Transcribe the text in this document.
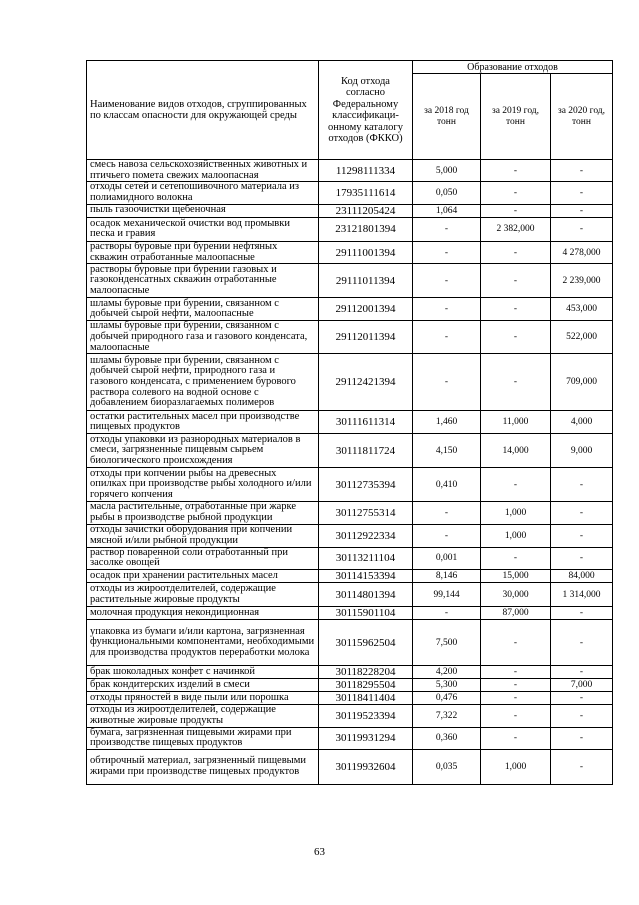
Наименование видов отходов, сгруппированных по классам опасности для окружающей среды	Код отхода согласно Федеральному классификаци-онному каталогу отходов (ФККО)	Образование отходов		
		за 2018 год тонн	за 2019 год, тонн	за 2020 год, тонн
смесь навоза сельскохозяйственных животных и птичьего помета свежих малоопасная	11298111334	5,000	-	-
отходы сетей и сетепошивочного материала из полиамидного волокна	17935111614	0,050	-	-
пыль газоочистки щебеночная	23111205424	1,064	-	-
осадок механической очистки вод промывки песка и гравия	23121801394	-	2 382,000	-
растворы буровые при бурении нефтяных скважин отработанные малоопасные	29111001394	-	-	4 278,000
растворы буровые при бурении газовых и газоконденсатных скважин отработанные малоопасные	29111011394	-	-	2 239,000
шламы буровые при бурении, связанном с добычей сырой нефти, малоопасные	29112001394	-	-	453,000
шламы буровые при бурении, связанном с добычей природного газа и газового конденсата, малоопасные	29112011394	-	-	522,000
шламы буровые при бурении, связанном с добычей сырой нефти, природного газа и газового конденсата, с применением бурового раствора солевого на водной основе с добавлением биоразлагаемых полимеров	29112421394	-	-	709,000
остатки растительных масел при производстве пищевых продуктов	30111611314	1,460	11,000	4,000
отходы упаковки из разнородных материалов в смеси, загрязненные пищевым сырьем биологического происхождения	30111811724	4,150	14,000	9,000
отходы при копчении рыбы на древесных опилках при производстве рыбы холодного и/или горячего копчения	30112735394	0,410	-	-
масла растительные, отработанные при жарке рыбы в производстве рыбной продукции	30112755314	-	1,000	-
отходы зачистки оборудования при копчении мясной и/или рыбной продукции	30112922334	-	1,000	-
раствор поваренной соли отработанный при засолке овощей	30113211104	0,001	-	-
осадок при хранении растительных масел	30114153394	8,146	15,000	84,000
отходы из жироотделителей, содержащие растительные жировые продукты	30114801394	99,144	30,000	1 314,000
молочная продукция некондиционная	30115901104	-	87,000	-
упаковка из бумаги и/или картона, загрязненная функциональными компонентами, необходимыми для производства продуктов переработки молока	30115962504	7,500	-	-
брак шоколадных конфет с начинкой	30118228204	4,200	-	-
брак кондитерских изделий в смеси	30118295504	5,300	-	7,000
отходы пряностей в виде пыли или порошка	30118411404	0,476	-	-
отходы из жироотделителей, содержащие животные жировые продукты	30119523394	7,322	-	-
бумага, загрязненная пищевыми жирами при производстве пищевых продуктов	30119931294	0,360	-	-
обтирочный материал, загрязненный пищевыми жирами при производстве пищевых продуктов	30119932604	0,035	1,000	-
63
